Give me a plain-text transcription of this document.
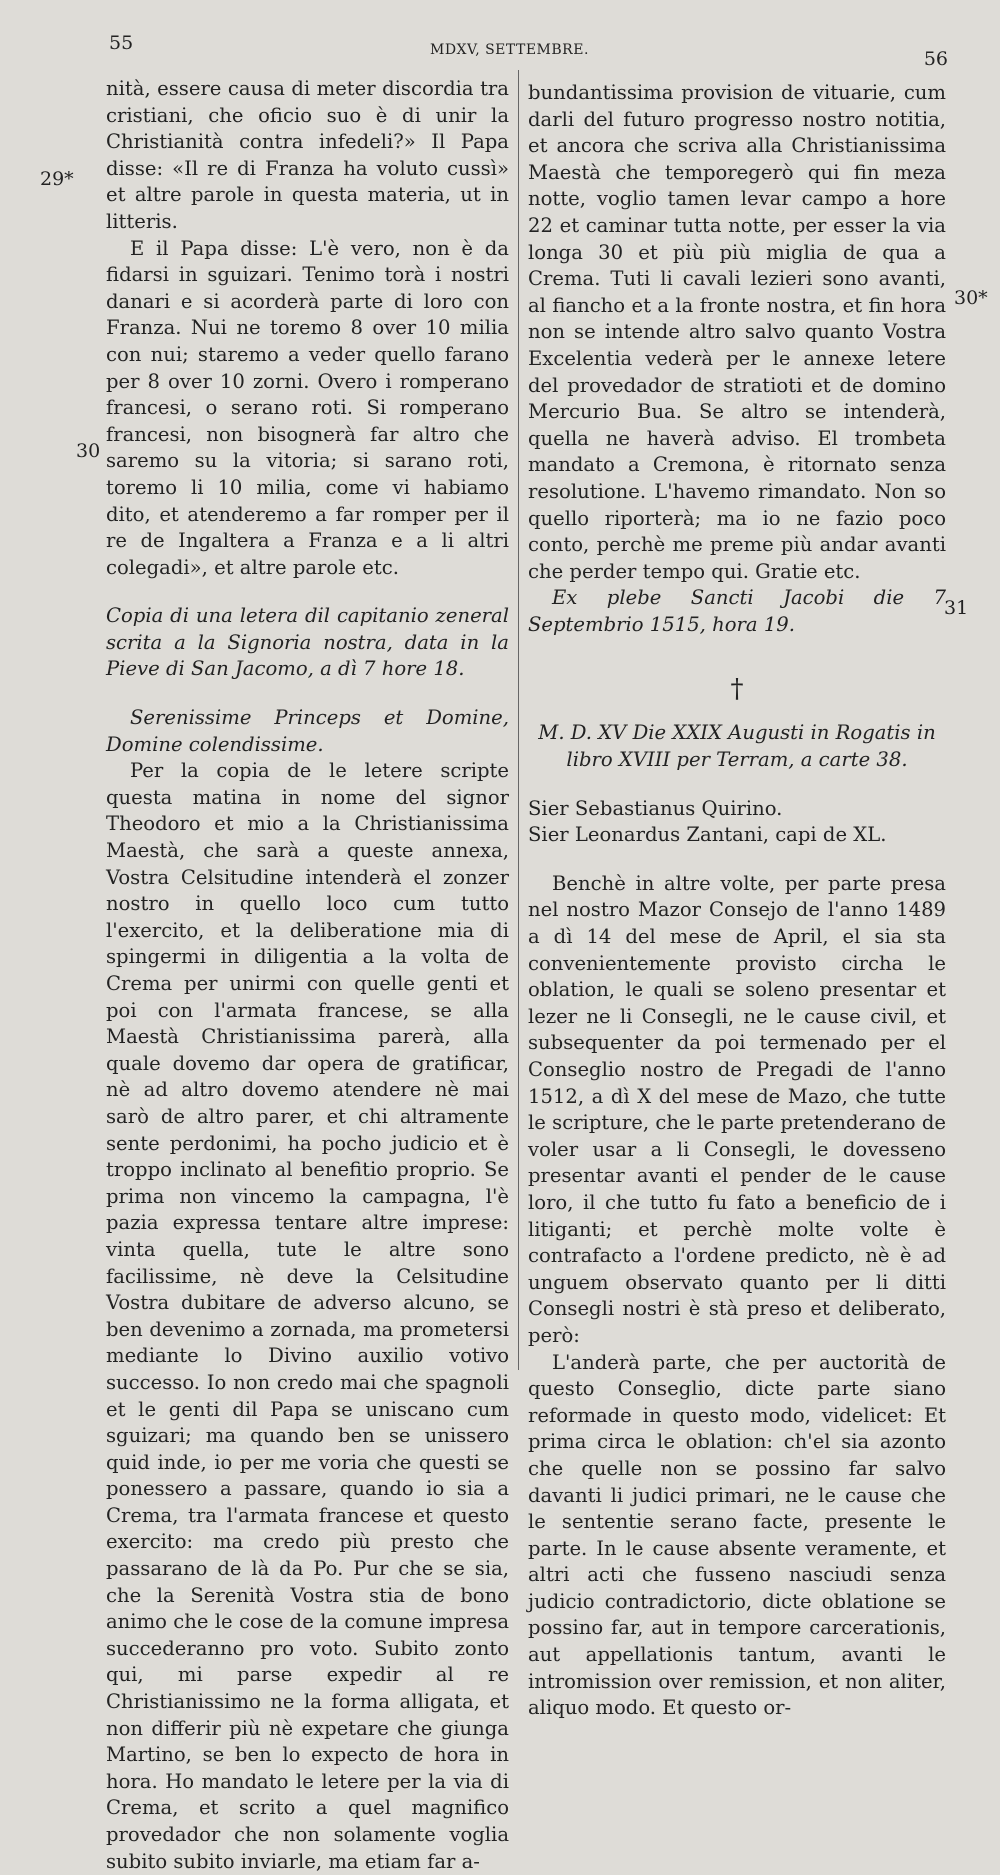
55	MDXV, SETTEMBRE.	56
29*
30
30*
31

nità, essere causa di meter discordia tra cristiani, che oficio suo è di unir la Christianità contra infedeli?» Il Papa disse: «Il re di Franza ha voluto cussì» et altre parole in questa materia, ut in litteris.

E il Papa disse: L'è vero, non è da fidarsi in sguizari. Tenimo torà i nostri danari e si acorderà parte di loro con Franza. Nui ne toremo 8 over 10 milia con nui; staremo a veder quello farano per 8 over 10 zorni. Overo i romperano francesi, o serano roti. Si romperano francesi, non bisognerà far altro che saremo su la vitoria; si sarano roti, toremo li 10 milia, come vi habiamo dito, et atenderemo a far romper per il re de Ingaltera a Franza e a li altri colegadi», et altre parole etc.

Copia di una letera dil capitanio zeneral scrita a la Signoria nostra, data in la Pieve di San Jacomo, a dì 7 hore 18.

Serenissime Princeps et Domine, Domine colendissime.

Per la copia de le letere scripte questa matina in nome del signor Theodoro et mio a la Christianissima Maestà, che sarà a queste annexa, Vostra Celsitudine intenderà el zonzer nostro in quello loco cum tutto l'exercito, et la deliberatione mia di spingermi in diligentia a la volta de Crema per unirmi con quelle genti et poi con l'armata francese, se alla Maestà Christianissima parerà, alla quale dovemo dar opera de gratificar, nè ad altro dovemo atendere nè mai sarò de altro parer, et chi altramente sente perdonimi, ha pocho judicio et è troppo inclinato al benefitio proprio. Se prima non vincemo la campagna, l'è pazia expressa tentare altre imprese: vinta quella, tute le altre sono facilissime, nè deve la Celsitudine Vostra dubitare de adverso alcuno, se ben devenimo a zornada, ma prometersi mediante lo Divino auxilio votivo successo. Io non credo mai che spagnoli et le genti dil Papa se uniscano cum sguizari; ma quando ben se unissero quid inde, io per me voria che questi se ponessero a passare, quando io sia a Crema, tra l'armata francese et questo exercito: ma credo più presto che passarano de là da Po. Pur che se sia, che la Serenità Vostra stia de bono animo che le cose de la comune impresa succederanno pro voto. Subito zonto qui, mi parse expedir al re Christianissimo ne la forma alligata, et non differir più nè expetare che giunga Martino, se ben lo expecto de hora in hora. Ho mandato le letere per la via di Crema, et scrito a quel magnifico provedador che non solamente voglia subito subito inviarle, ma etiam far a-

bundantissima provision de vituarie, cum darli del futuro progresso nostro notitia, et ancora che scriva alla Christianissima Maestà che temporegerò qui fin meza notte, voglio tamen levar campo a hore 22 et caminar tutta notte, per esser la via longa 30 et più più miglia de qua a Crema. Tuti li cavali lezieri sono avanti, al fiancho et a la fronte nostra, et fin hora non se intende altro salvo quanto Vostra Excelentia vederà per le annexe letere del provedador de stratioti et de domino Mercurio Bua. Se altro se intenderà, quella ne haverà adviso. El trombeta mandato a Cremona, è ritornato senza resolutione. L'havemo rimandato. Non so quello riporterà; ma io ne fazio poco conto, perchè me preme più andar avanti che perder tempo qui. Gratie etc.

Ex plebe Sancti Jacobi die 7 Septembrio 1515, hora 19.

†

M. D. XV Die XXIX Augusti in Rogatis in libro XVIII per Terram, a carte 38.

Sier Sebastianus Quirino.

Sier Leonardus Zantani, capi de XL.

Benchè in altre volte, per parte presa nel nostro Mazor Consejo de l'anno 1489 a dì 14 del mese de April, el sia sta convenientemente provisto circha le oblation, le quali se soleno presentar et lezer ne li Consegli, ne le cause civil, et subsequenter da poi termenado per el Conseglio nostro de Pregadi de l'anno 1512, a dì X del mese de Mazo, che tutte le scripture, che le parte pretenderano de voler usar a li Consegli, le dovesseno presentar avanti el pender de le cause loro, il che tutto fu fato a beneficio de i litiganti; et perchè molte volte è contrafacto a l'ordene predicto, nè è ad unguem observato quanto per li ditti Consegli nostri è stà preso et deliberato, però:

L'anderà parte, che per auctorità de questo Conseglio, dicte parte siano reformade in questo modo, videlicet: Et prima circa le oblation: ch'el sia azonto che quelle non se possino far salvo davanti li judici primari, ne le cause che le sententie serano facte, presente le parte. In le cause absente veramente, et altri acti che fusseno nasciudi senza judicio contradictorio, dicte oblatione se possino far, aut in tempore carcerationis, aut appellationis tantum, avanti le intromission over remission, et non aliter, aliquo modo. Et questo or-
